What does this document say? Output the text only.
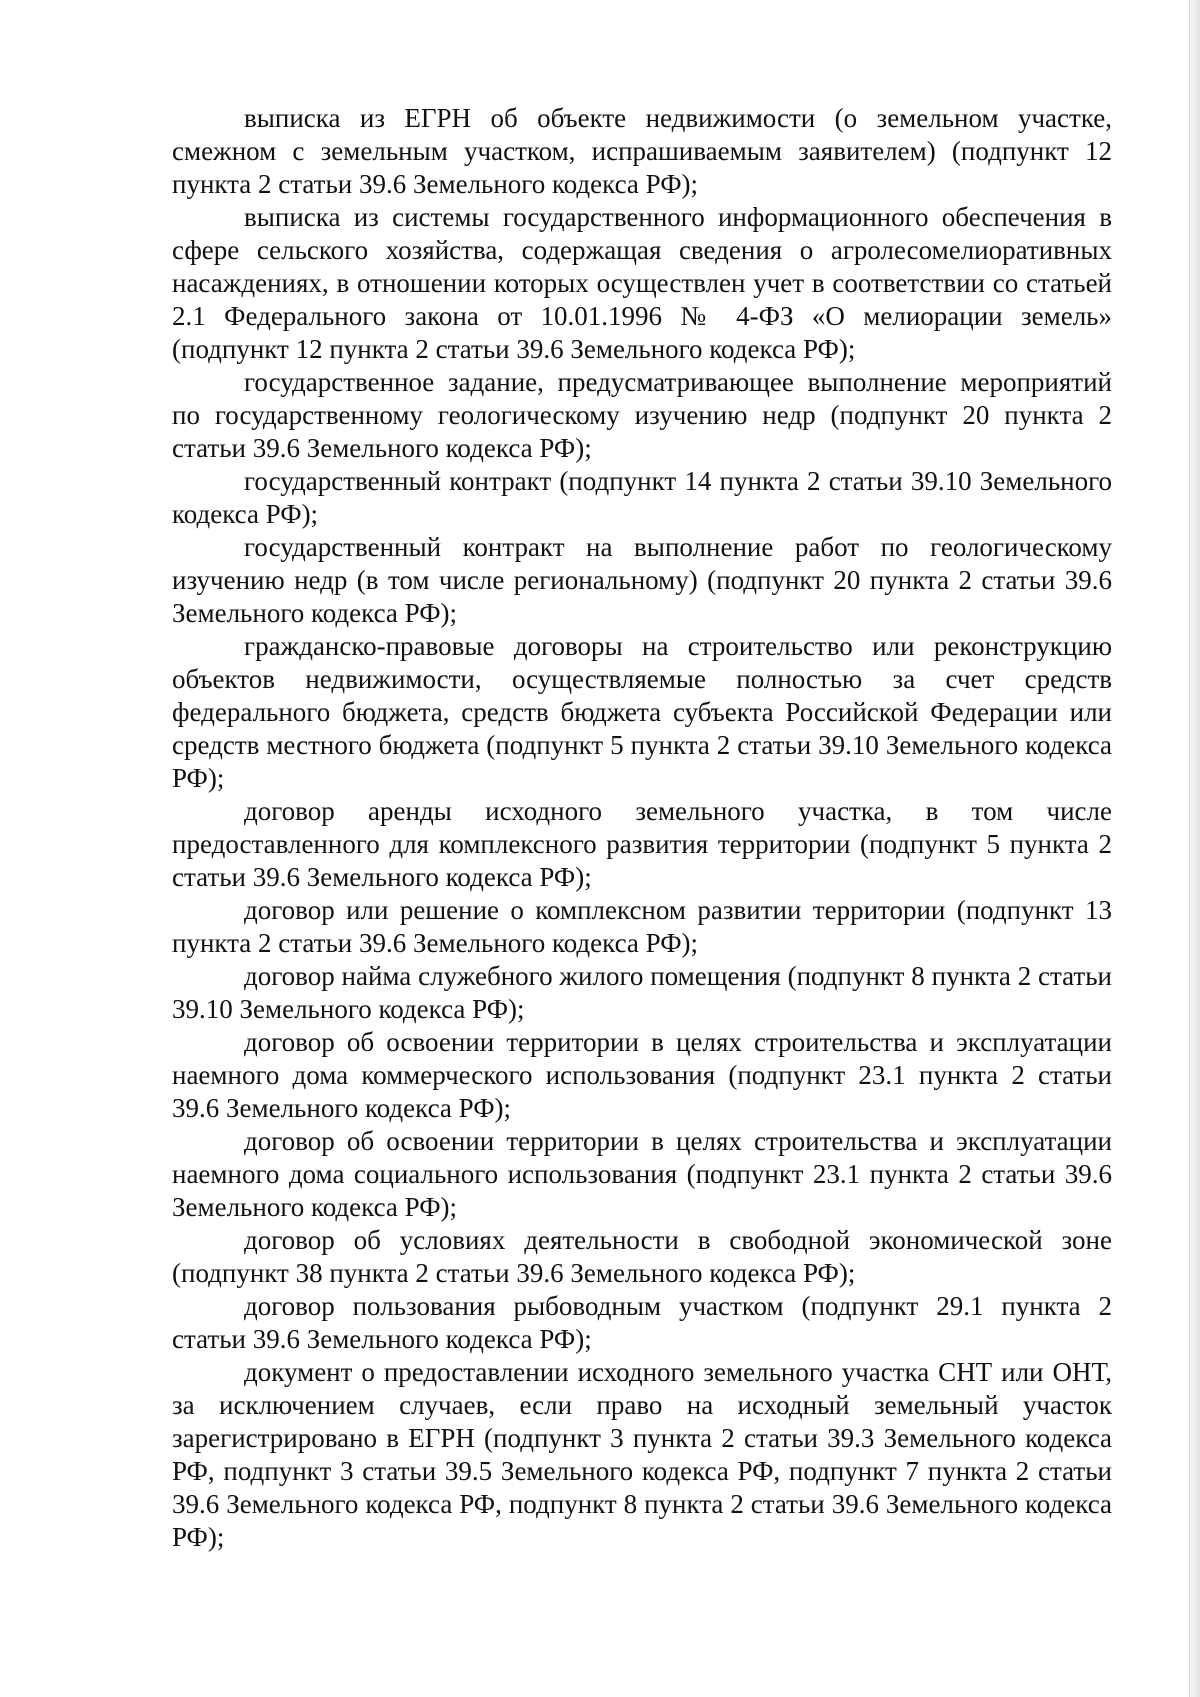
выписка из ЕГРН об объекте недвижимости (о земельном участке, смежном с земельным участком, испрашиваемым заявителем) (подпункт 12 пункта 2 статьи 39.6 Земельного кодекса РФ);

выписка из системы государственного информационного обеспечения в сфере сельского хозяйства, содержащая сведения о агролесомелиоративных насаждениях, в отношении которых осуществлен учет в соответствии со статьей 2.1 Федерального закона от 10.01.1996 № 4-ФЗ «О мелиорации земель» (подпункт 12 пункта 2 статьи 39.6 Земельного кодекса РФ);

государственное задание, предусматривающее выполнение мероприятий по государственному геологическому изучению недр (подпункт 20 пункта 2 статьи 39.6 Земельного кодекса РФ);

государственный контракт (подпункт 14 пункта 2 статьи 39.10 Земельного кодекса РФ);

государственный контракт на выполнение работ по геологическому изучению недр (в том числе региональному) (подпункт 20 пункта 2 статьи 39.6 Земельного кодекса РФ);

гражданско-правовые договоры на строительство или реконструкцию объектов недвижимости, осуществляемые полностью за счет средств федерального бюджета, средств бюджета субъекта Российской Федерации или средств местного бюджета (подпункт 5 пункта 2 статьи 39.10 Земельного кодекса РФ);

договор аренды исходного земельного участка, в том числе предоставленного для комплексного развития территории (подпункт 5 пункта 2 статьи 39.6 Земельного кодекса РФ);

договор или решение о комплексном развитии территории (подпункт 13 пункта 2 статьи 39.6 Земельного кодекса РФ);

договор найма служебного жилого помещения (подпункт 8 пункта 2 статьи 39.10 Земельного кодекса РФ);

договор об освоении территории в целях строительства и эксплуатации наемного дома коммерческого использования (подпункт 23.1 пункта 2 статьи 39.6 Земельного кодекса РФ);

договор об освоении территории в целях строительства и эксплуатации наемного дома социального использования (подпункт 23.1 пункта 2 статьи 39.6 Земельного кодекса РФ);

договор об условиях деятельности в свободной экономической зоне (подпункт 38 пункта 2 статьи 39.6 Земельного кодекса РФ);

договор пользования рыбоводным участком (подпункт 29.1 пункта 2 статьи 39.6 Земельного кодекса РФ);

документ о предоставлении исходного земельного участка СНТ или ОНТ, за исключением случаев, если право на исходный земельный участок зарегистрировано в ЕГРН (подпункт 3 пункта 2 статьи 39.3 Земельного кодекса РФ, подпункт 3 статьи 39.5 Земельного кодекса РФ, подпункт 7 пункта 2 статьи 39.6 Земельного кодекса РФ, подпункт 8 пункта 2 статьи 39.6 Земельного кодекса РФ);
